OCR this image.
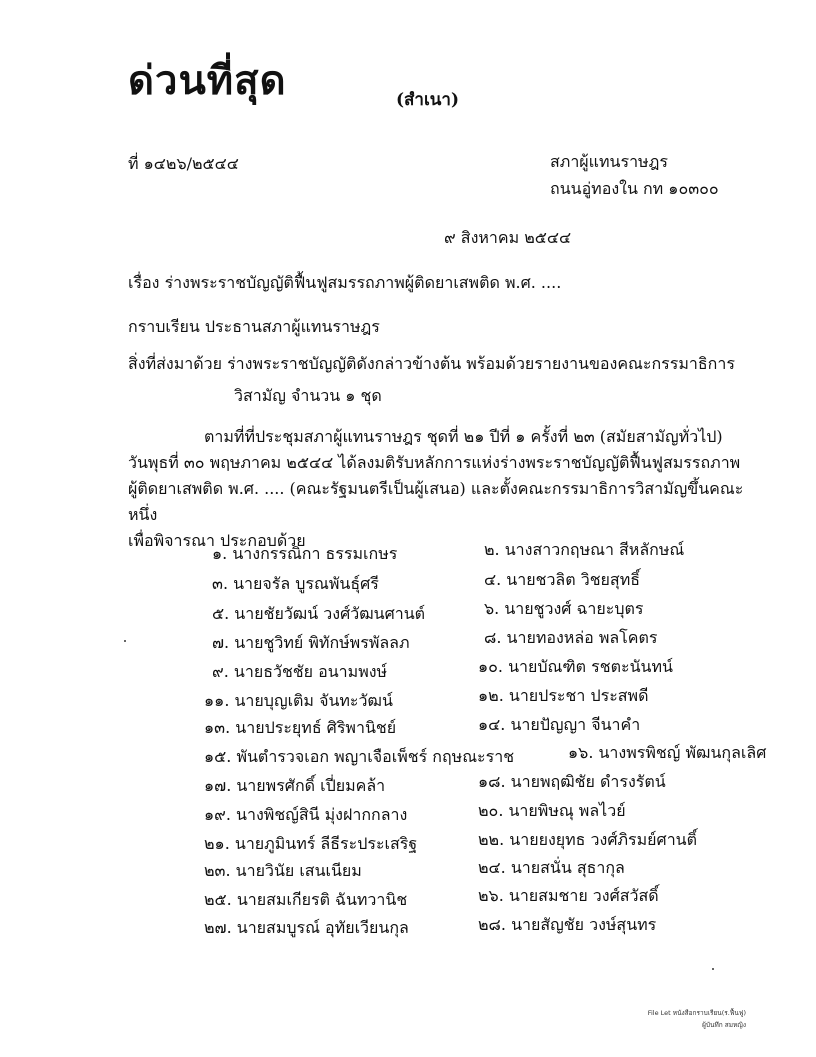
ด่วนที่สุด	(สำเนา)
ที่ ๑๔๒๖/๒๕๔๔	สภาผู้แทนราษฎร
ถนนอู่ทองใน กท ๑๐๓๐๐
๙ สิงหาคม ๒๕๔๔
เรื่อง ร่างพระราชบัญญัติฟื้นฟูสมรรถภาพผู้ติดยาเสพติด พ.ศ. ....
กราบเรียน ประธานสภาผู้แทนราษฎร
สิ่งที่ส่งมาด้วย ร่างพระราชบัญญัติดังกล่าวข้างต้น พร้อมด้วยรายงานของคณะกรรมาธิการ
วิสามัญ จำนวน ๑ ชุด

ตามที่ที่ประชุมสภาผู้แทนราษฎร ชุดที่ ๒๑ ปีที่ ๑ ครั้งที่ ๒๓ (สมัยสามัญทั่วไป)

วันพุธที่ ๓๐ พฤษภาคม ๒๕๔๔ ได้ลงมติรับหลักการแห่งร่างพระราชบัญญัติฟื้นฟูสมรรถภาพ

ผู้ติดยาเสพติด พ.ศ. .... (คณะรัฐมนตรีเป็นผู้เสนอ) และตั้งคณะกรรมาธิการวิสามัญขึ้นคณะหนึ่ง

เพื่อพิจารณา ประกอบด้วย

๑. นางกรรณิกา ธรรมเกษร
๓. นายจรัล บูรณพันธุ์ศรี
๕. นายชัยวัฒน์ วงศ์วัฒนศานต์
๗. นายชูวิทย์ พิทักษ์พรพัลลภ
๙. นายธวัชชัย อนามพงษ์
๑๑. นายบุญเติม จันทะวัฒน์
๑๓. นายประยุทธ์ ศิริพานิชย์
๑๕. พันตำรวจเอก พญาเจือเพ็ชร์ กฤษณะราช
๑๗. นายพรศักดิ์ เปี่ยมคล้า
๑๙. นางพิชญ์สินี มุ่งฝากกลาง
๒๑. นายภูมินทร์ ลีธีระประเสริฐ
๒๓. นายวินัย เสนเนียม
๒๕. นายสมเกียรติ ฉันทวานิช
๒๗. นายสมบูรณ์ อุทัยเวียนกุล
๒. นางสาวกฤษณา สีหลักษณ์
๔. นายชวลิต วิชยสุทธิ์
๖. นายชูวงศ์ ฉายะบุตร
๘. นายทองหล่อ พลโคตร
๑๐. นายบัณฑิต รชตะนันทน์
๑๒. นายประชา ประสพดี
๑๔. นายปัญญา จีนาคำ
๑๖. นางพรพิชญ์ พัฒนกุลเลิศ
๑๘. นายพฤฒิชัย ดำรงรัตน์
๒๐. นายพิษณุ พลไวย์
๒๒. นายยงยุทธ วงศ์ภิรมย์ศานติ์
๒๔. นายสนั่น สุธากุล
๒๖. นายสมชาย วงศ์สวัสดิ์
๒๘. นายสัญชัย วงษ์สุนทร
File Let หนังสือกราบเรียน(ร.ฟื้นฟู)
ผู้บันทึก สมหญิง
